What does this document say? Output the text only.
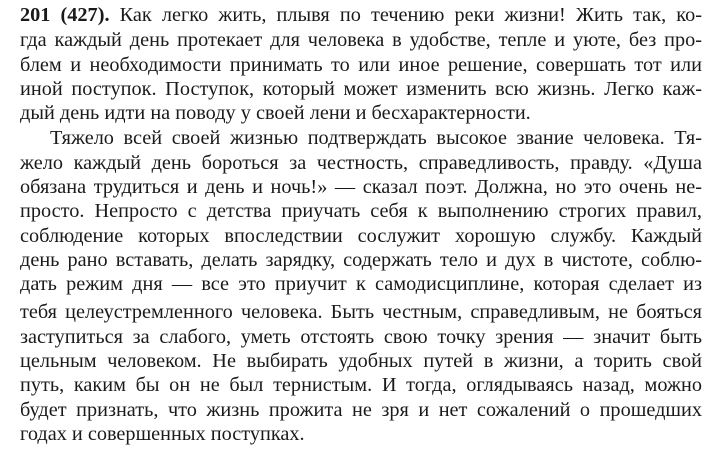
201 (427). Как легко жить, плывя по течению реки жизни! Жить так, ко-
гда каждый день протекает для человека в удобстве, тепле и уюте, без про-
блем и необходимости принимать то или иное решение, совершать тот или
иной поступок. Поступок, который может изменить всю жизнь. Легко каж-
дый день идти на поводу у своей лени и бесхарактерности.
Тяжело всей своей жизнью подтверждать высокое звание человека. Тя-
жело каждый день бороться за честность, справедливость, правду. «Душа
обязана трудиться и день и ночь!» — сказал поэт. Должна, но это очень не-
просто. Непросто с детства приучать себя к выполнению строгих правил,
соблюдение которых впоследствии сослужит хорошую службу. Каждый
день рано вставать, делать зарядку, содержать тело и дух в чистоте, соблю-
дать режим дня — все это приучит к самодисциплине, которая сделает из
тебя целеустремленного человека. Быть честным, справедливым, не бояться
заступиться за слабого, уметь отстоять свою точку зрения — значит быть
цельным человеком. Не выбирать удобных путей в жизни, а торить свой
путь, каким бы он не был тернистым. И тогда, оглядываясь назад, можно
будет признать, что жизнь прожита не зря и нет сожалений о прошедших
годах и совершенных поступках.
